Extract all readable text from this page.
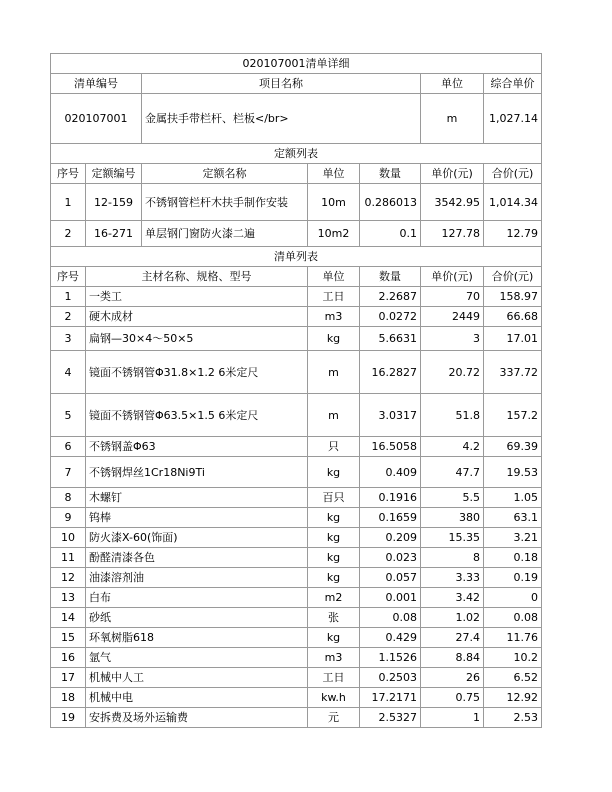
020107001清单详细						
清单编号		项目名称			单位	综合单价
020107001		金属扶手带栏杆、栏板</br>			m	1,027.14
定额列表						
序号	定额编号	定额名称	单位	数量	单价(元)	合价(元)
1	12-159	不锈钢管栏杆木扶手制作安装	10m	0.286013	3542.95	1,014.34
2	16-271	单层钢门窗防火漆二遍	10m2	0.1	127.78	12.79
清单列表						
序号	主材名称、规格、型号		单位	数量	单价(元)	合价(元)
1	一类工		工日	2.2687	70	158.97
2	硬木成材		m3	0.0272	2449	66.68
3	扁钢—30×4～50×5		kg	5.6631	3	17.01
4	镜面不锈钢管Φ31.8×1.2 6米定尺		m	16.2827	20.72	337.72
5	镜面不锈钢管Φ63.5×1.5 6米定尺		m	3.0317	51.8	157.2
6	不锈钢盖Φ63		只	16.5058	4.2	69.39
7	不锈钢焊丝1Cr18Ni9Ti		kg	0.409	47.7	19.53
8	木螺钉		百只	0.1916	5.5	1.05
9	钨棒		kg	0.1659	380	63.1
10	防火漆X-60(饰面)		kg	0.209	15.35	3.21
11	酚醛清漆各色		kg	0.023	8	0.18
12	油漆溶剂油		kg	0.057	3.33	0.19
13	白布		m2	0.001	3.42	0
14	砂纸		张	0.08	1.02	0.08
15	环氧树脂618		kg	0.429	27.4	11.76
16	氩气		m3	1.1526	8.84	10.2
17	机械中人工		工日	0.2503	26	6.52
18	机械中电		kw.h	17.2171	0.75	12.92
19	安拆费及场外运输费		元	2.5327	1	2.53
